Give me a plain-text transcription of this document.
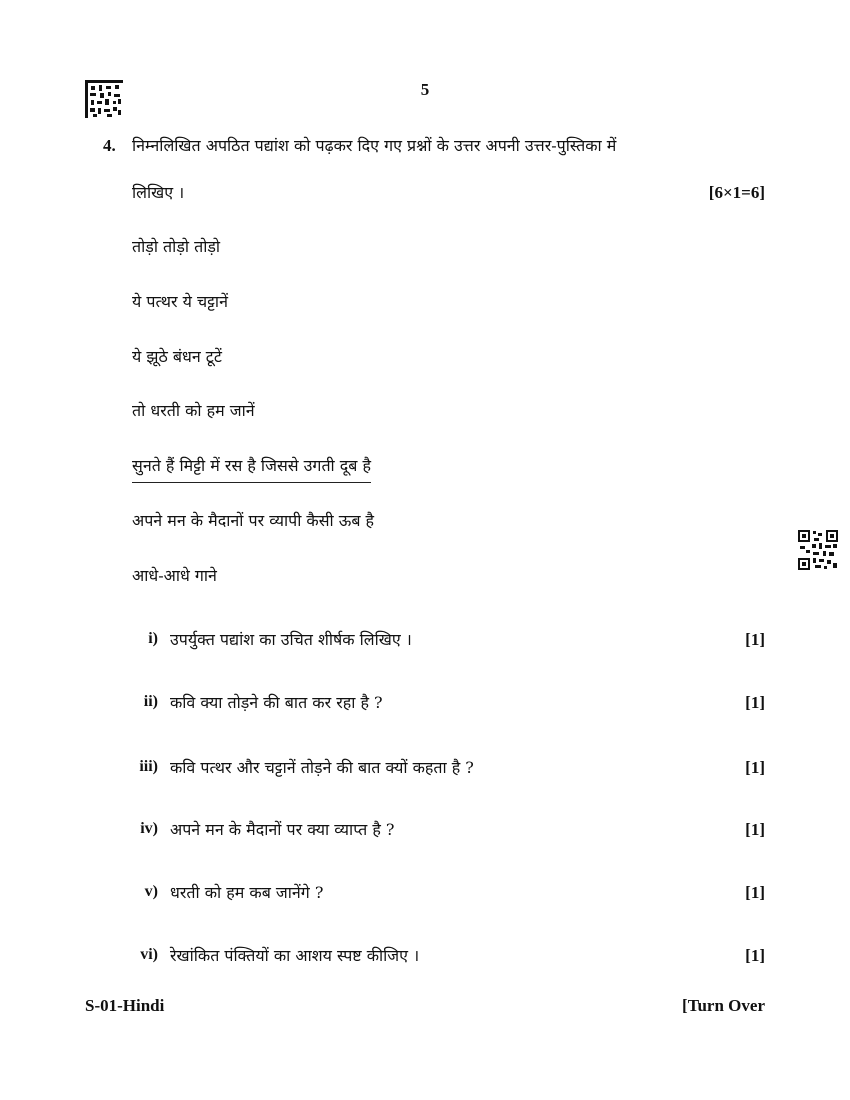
5
4. निम्नलिखित अपठित पद्यांश को पढ़कर दिए गए प्रश्नों के उत्तर अपनी उत्तर-पुस्तिका में
लिखिए ।	[6×1=6]
तोड़ो तोड़ो तोड़ो
ये पत्थर ये चट्टानें
ये झूठे बंधन टूटें
तो धरती को हम जानें
सुनते हैं मिट्टी में रस है जिससे उगती दूब है
अपने मन के मैदानों पर व्यापी कैसी ऊब है
आधे-आधे गाने
i) उपर्युक्त पद्यांश का उचित शीर्षक लिखिए ।	[1]
ii) कवि क्या तोड़ने की बात कर रहा है ?	[1]
iii) कवि पत्थर और चट्टानें तोड़ने की बात क्यों कहता है ?	[1]
iv) अपने मन के मैदानों पर क्या व्याप्त है ?	[1]
v) धरती को हम कब जानेंगे ?	[1]
vi) रेखांकित पंक्तियों का आशय स्पष्ट कीजिए ।	[1]
S-01-Hindi	[Turn Over
